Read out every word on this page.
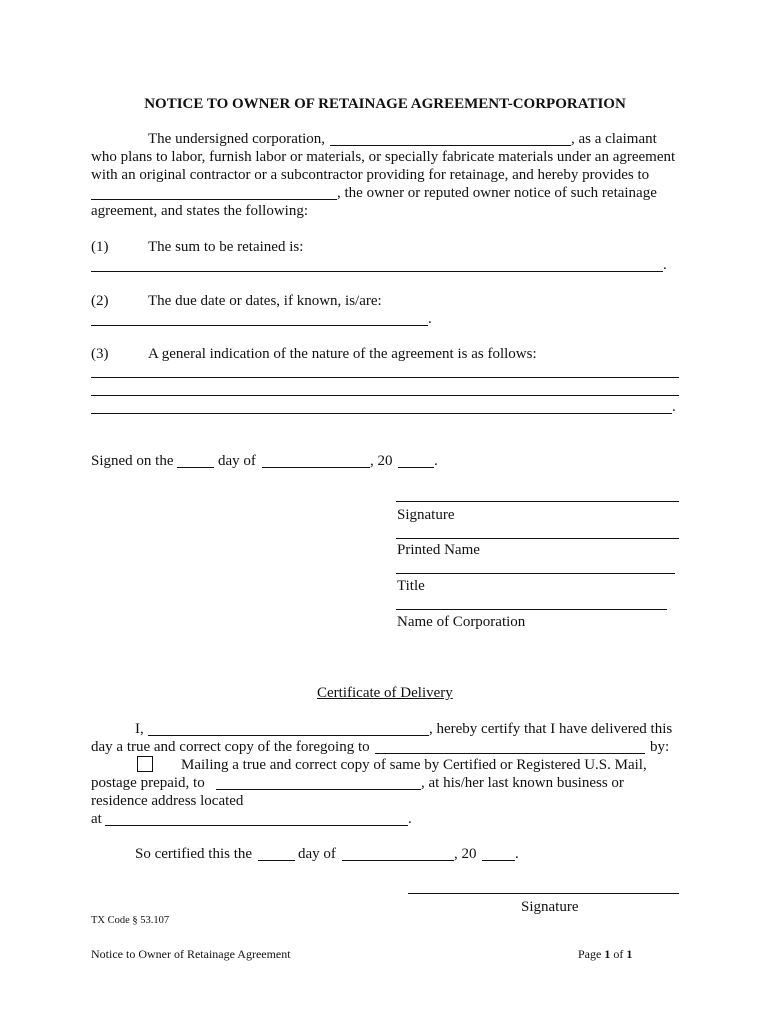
NOTICE TO OWNER OF RETAINAGE AGREEMENT-CORPORATION
The undersigned corporation,	, as a claimant
who plans to labor, furnish labor or materials, or specially fabricate materials under an agreement
with an original contractor or a subcontractor providing for retainage, and hereby provides to
, the owner or reputed owner notice of such retainage
agreement, and states the following:
(1)	The sum to be retained is:
.
(2)	The due date or dates, if known, is/are:
.
(3)	A general indication of the nature of the agreement is as follows:
.
Signed on the	day of	, 20	.
Signature
Printed Name
Title
Name of Corporation
Certificate of Delivery
I,	, hereby certify that I have delivered this
day a true and correct copy of the foregoing to	by:
Mailing a true and correct copy of same by Certified or Registered U.S. Mail,
postage prepaid, to	, at his/her last known business or
residence address located
at	.
So certified this the	day of	, 20	.
Signature
TX Code § 53.107
Notice to Owner of Retainage Agreement	Page 1 of 1
